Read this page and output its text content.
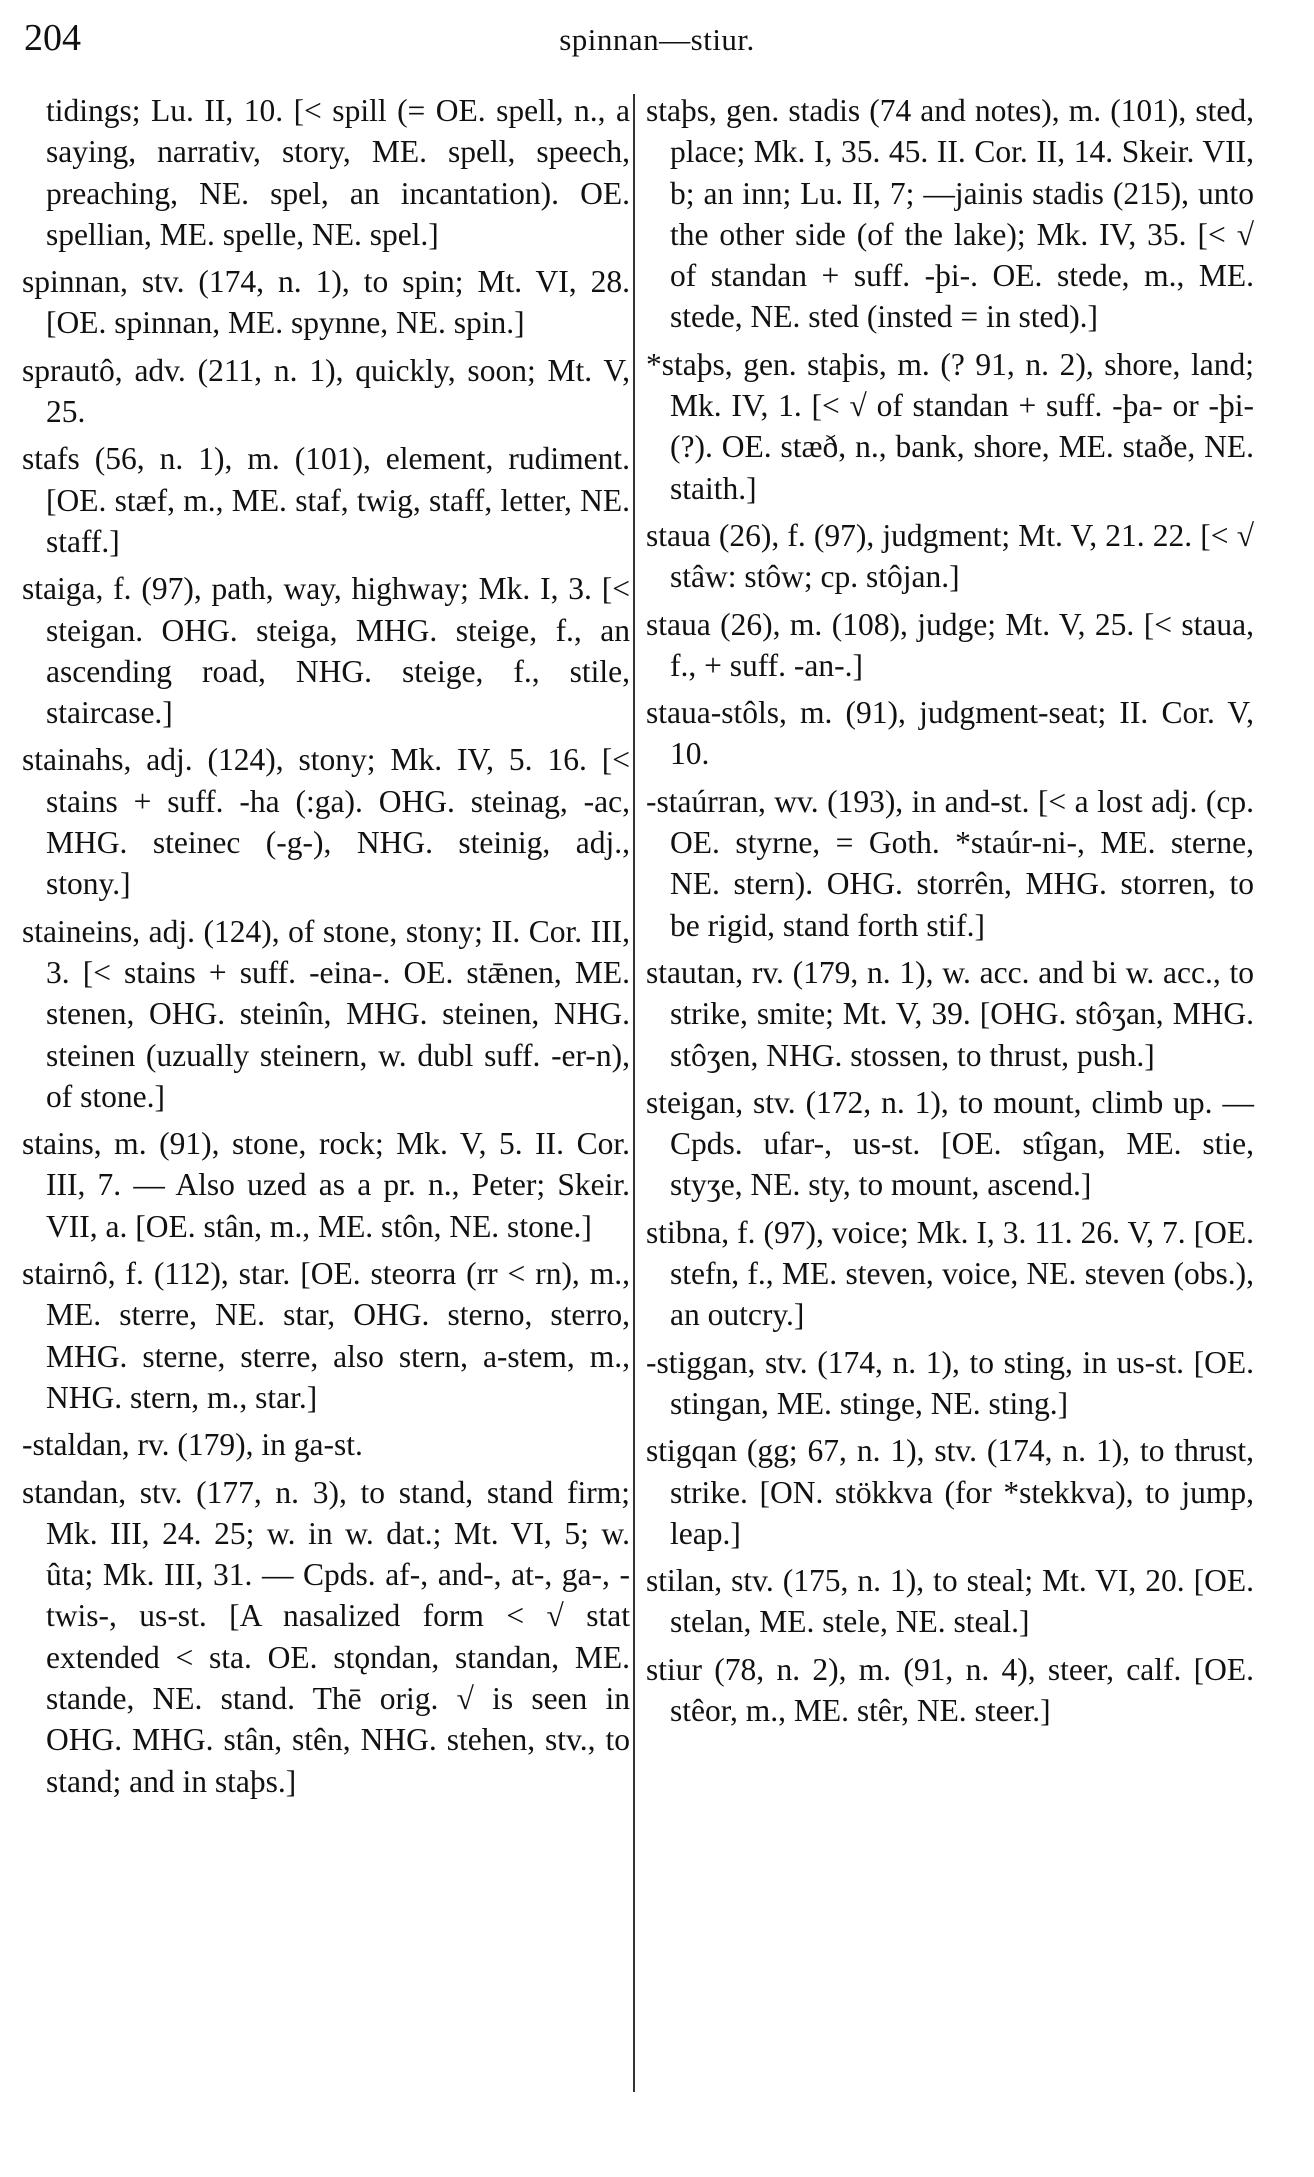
204	spinnan—stiur.

tidings; Lu. II, 10. [< spill (= OE. spell, n., a saying, narrativ, story, ME. spell, speech, preaching, NE. spel, an incantation). OE. spellian, ME. spelle, NE. spel.]

spinnan, stv. (174, n. 1), to spin; Mt. VI, 28. [OE. spinnan, ME. spynne, NE. spin.]

sprautô, adv. (211, n. 1), quickly, soon; Mt. V, 25.

stafs (56, n. 1), m. (101), element, rudiment. [OE. stæf, m., ME. staf, twig, staff, letter, NE. staff.]

staiga, f. (97), path, way, highway; Mk. I, 3. [< steigan. OHG. steiga, MHG. steige, f., an ascending road, NHG. steige, f., stile, staircase.]

stainahs, adj. (124), stony; Mk. IV, 5. 16. [< stains + suff. -ha (:ga). OHG. steinag, -ac, MHG. steinec (-g-), NHG. steinig, adj., stony.]

staineins, adj. (124), of stone, stony; II. Cor. III, 3. [< stains + suff. -eina-. OE. stǣnen, ME. stenen, OHG. steinîn, MHG. steinen, NHG. steinen (uzually steinern, w. dubl suff. -er-n), of stone.]

stains, m. (91), stone, rock; Mk. V, 5. II. Cor. III, 7. — Also uzed as a pr. n., Peter; Skeir. VII, a. [OE. stân, m., ME. stôn, NE. stone.]

stairnô, f. (112), star. [OE. steorra (rr < rn), m., ME. sterre, NE. star, OHG. sterno, sterro, MHG. sterne, sterre, also stern, a-stem, m., NHG. stern, m., star.]

-staldan, rv. (179), in ga-st.

standan, stv. (177, n. 3), to stand, stand firm; Mk. III, 24. 25; w. in w. dat.; Mt. VI, 5; w. ûta; Mk. III, 31. — Cpds. af-, and-, at-, ga-, -twis-, us-st. [A nasalized form < √ stat extended < sta. OE. stǫndan, standan, ME. stande, NE. stand. Thē orig. √ is seen in OHG. MHG. stân, stên, NHG. stehen, stv., to stand; and in staþs.]

staþs, gen. stadis (74 and notes), m. (101), sted, place; Mk. I, 35. 45. II. Cor. II, 14. Skeir. VII, b; an inn; Lu. II, 7; —jainis stadis (215), unto the other side (of the lake); Mk. IV, 35. [< √ of standan + suff. -þi-. OE. stede, m., ME. stede, NE. sted (insted = in sted).]

*staþs, gen. staþis, m. (? 91, n. 2), shore, land; Mk. IV, 1. [< √ of standan + suff. -þa- or -þi- (?). OE. stæð, n., bank, shore, ME. staðe, NE. staith.]

staua (26), f. (97), judgment; Mt. V, 21. 22. [< √ stâw: stôw; cp. stôjan.]

staua (26), m. (108), judge; Mt. V, 25. [< staua, f., + suff. -an-.]

staua-stôls, m. (91), judgment-seat; II. Cor. V, 10.

-staúrran, wv. (193), in and-st. [< a lost adj. (cp. OE. styrne, = Goth. *staúr-ni-, ME. sterne, NE. stern). OHG. storrên, MHG. storren, to be rigid, stand forth stif.]

stautan, rv. (179, n. 1), w. acc. and bi w. acc., to strike, smite; Mt. V, 39. [OHG. stôʒan, MHG. stôʒen, NHG. stossen, to thrust, push.]

steigan, stv. (172, n. 1), to mount, climb up. — Cpds. ufar-, us-st. [OE. stîgan, ME. stie, styʒe, NE. sty, to mount, ascend.]

stibna, f. (97), voice; Mk. I, 3. 11. 26. V, 7. [OE. stefn, f., ME. steven, voice, NE. steven (obs.), an outcry.]

-stiggan, stv. (174, n. 1), to sting, in us-st. [OE. stingan, ME. stinge, NE. sting.]

stigqan (gg; 67, n. 1), stv. (174, n. 1), to thrust, strike. [ON. stökkva (for *stekkva), to jump, leap.]

stilan, stv. (175, n. 1), to steal; Mt. VI, 20. [OE. stelan, ME. stele, NE. steal.]

stiur (78, n. 2), m. (91, n. 4), steer, calf. [OE. stêor, m., ME. stêr, NE. steer.]
